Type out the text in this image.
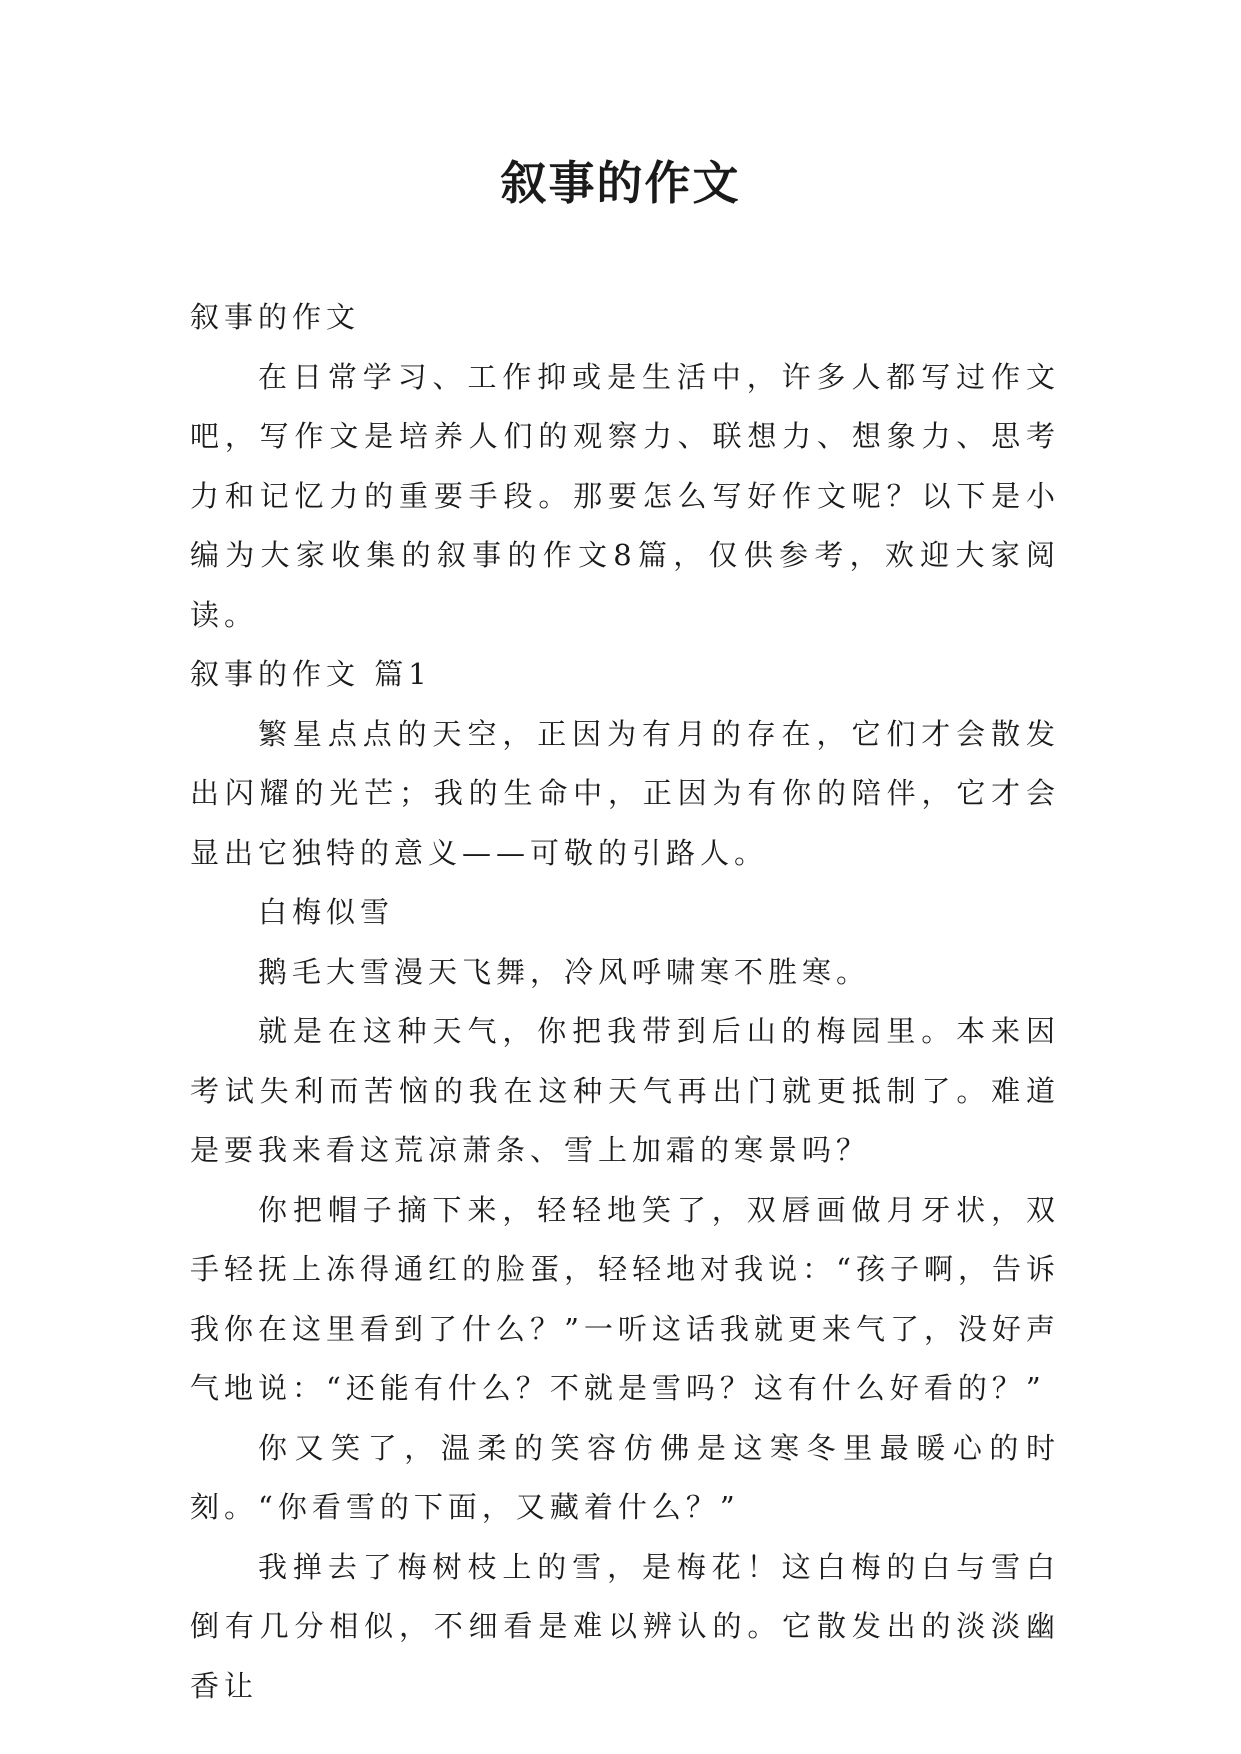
叙事的作文

叙事的作文

在日常学习、工作抑或是生活中，许多人都写过作文吧，写作文是培养人们的观察力、联想力、想象力、思考力和记忆力的重要手段。那要怎么写好作文呢？以下是小编为大家收集的叙事的作文8篇，仅供参考，欢迎大家阅读。

叙事的作文 篇1

繁星点点的天空，正因为有月的存在，它们才会散发出闪耀的光芒；我的生命中，正因为有你的陪伴，它才会显出它独特的意义——可敬的引路人。

白梅似雪

鹅毛大雪漫天飞舞，冷风呼啸寒不胜寒。

就是在这种天气，你把我带到后山的梅园里。本来因考试失利而苦恼的我在这种天气再出门就更抵制了。难道是要我来看这荒凉萧条、雪上加霜的寒景吗？

你把帽子摘下来，轻轻地笑了，双唇画做月牙状，双手轻抚上冻得通红的脸蛋，轻轻地对我说：“孩子啊，告诉我你在这里看到了什么？”一听这话我就更来气了，没好声气地说：“还能有什么？不就是雪吗？这有什么好看的？”

你又笑了，温柔的笑容仿佛是这寒冬里最暖心的时刻。“你看雪的下面，又藏着什么？”

我掸去了梅树枝上的雪，是梅花！这白梅的白与雪白倒有几分相似，不细看是难以辨认的。它散发出的淡淡幽香让
